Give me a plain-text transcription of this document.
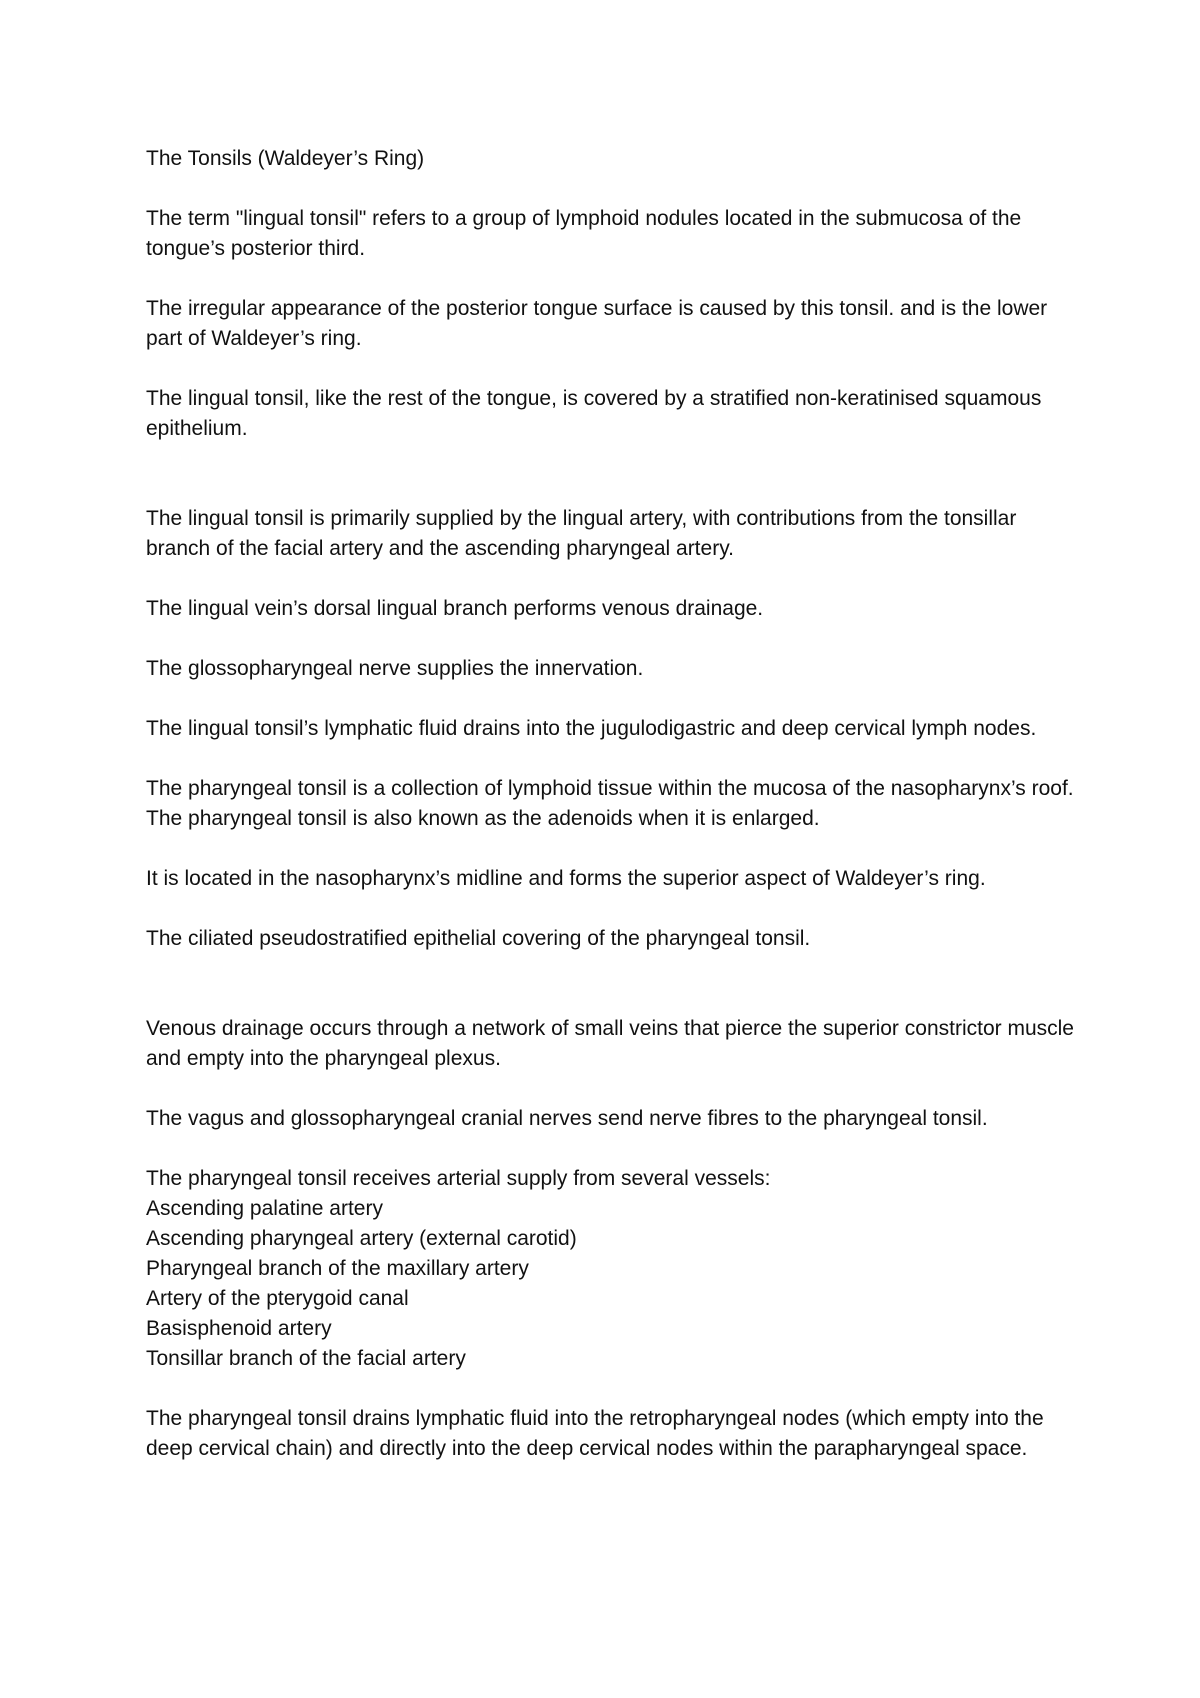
The Tonsils (Waldeyer’s Ring)

The term "lingual tonsil" refers to a group of lymphoid nodules located in the submucosa of the tongue’s posterior third.

The irregular appearance of the posterior tongue surface is caused by this tonsil. and is the lower part of Waldeyer’s ring.

The lingual tonsil, like the rest of the tongue, is covered by a stratified non-keratinised squamous epithelium.

The lingual tonsil is primarily supplied by the lingual artery, with contributions from the tonsillar branch of the facial artery and the ascending pharyngeal artery.

The lingual vein’s dorsal lingual branch performs venous drainage.

The glossopharyngeal nerve supplies the innervation.

The lingual tonsil’s lymphatic fluid drains into the jugulodigastric and deep cervical lymph nodes.

The pharyngeal tonsil is a collection of lymphoid tissue within the mucosa of the nasopharynx’s roof. The pharyngeal tonsil is also known as the adenoids when it is enlarged.

It is located in the nasopharynx’s midline and forms the superior aspect of Waldeyer’s ring.

The ciliated pseudostratified epithelial covering of the pharyngeal tonsil.

Venous drainage occurs through a network of small veins that pierce the superior constrictor muscle and empty into the pharyngeal plexus.

The vagus and glossopharyngeal cranial nerves send nerve fibres to the pharyngeal tonsil.

The pharyngeal tonsil receives arterial supply from several vessels:
Ascending palatine artery
Ascending pharyngeal artery (external carotid)
Pharyngeal branch of the maxillary artery
Artery of the pterygoid canal
Basisphenoid artery
Tonsillar branch of the facial artery

The pharyngeal tonsil drains lymphatic fluid into the retropharyngeal nodes (which empty into the deep cervical chain) and directly into the deep cervical nodes within the parapharyngeal space.
